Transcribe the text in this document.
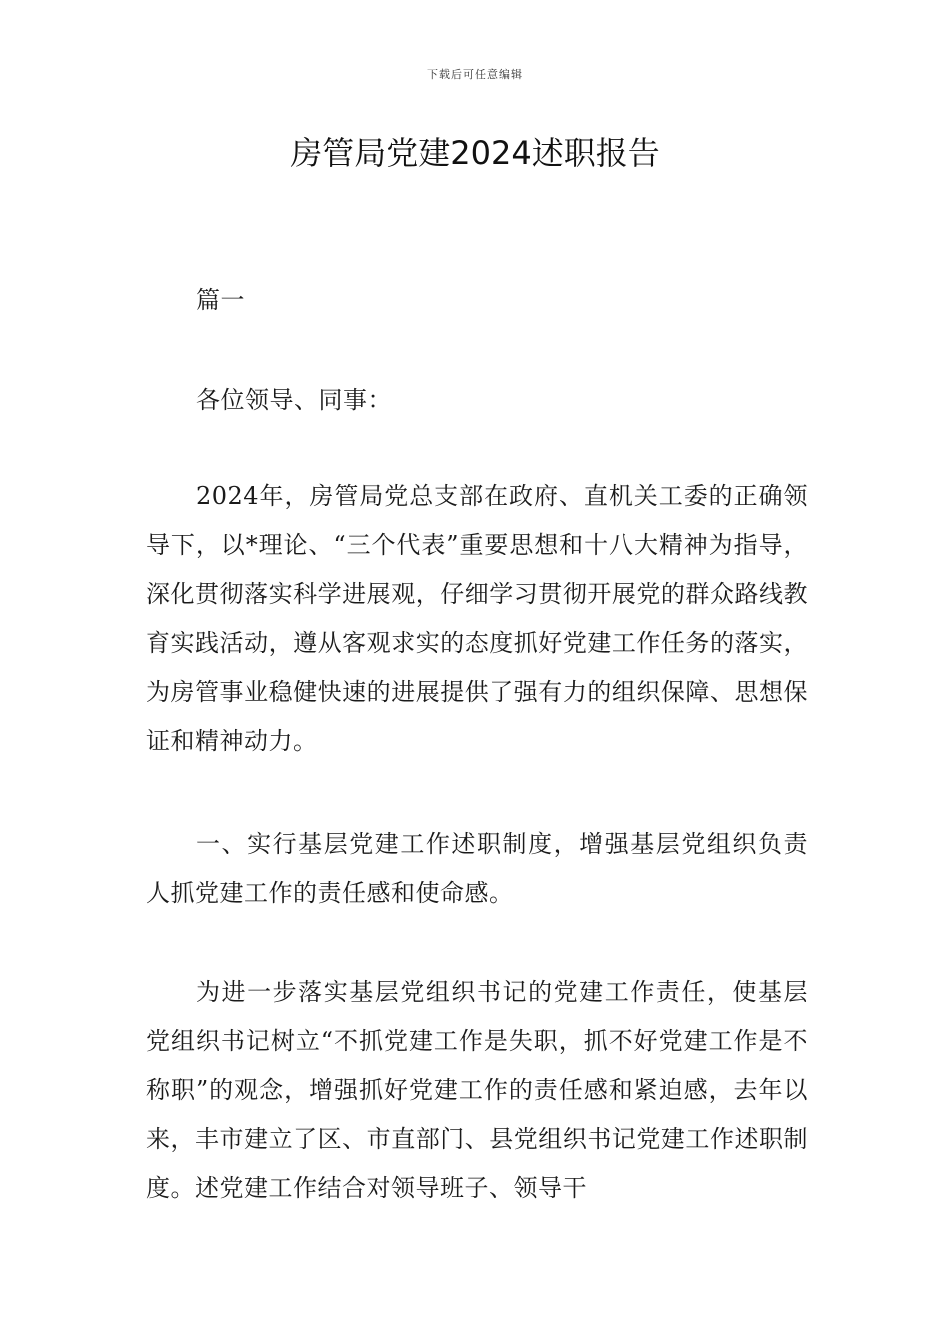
下载后可任意编辑
房管局党建2024述职报告

篇一

各位领导、同事：

2024年，房管局党总支部在政府、直机关工委的正确领导下，以*理论、“三个代表”重要思想和十八大精神为指导，深化贯彻落实科学进展观，仔细学习贯彻开展党的群众路线教育实践活动，遵从客观求实的态度抓好党建工作任务的落实，为房管事业稳健快速的进展提供了强有力的组织保障、思想保证和精神动力。

一、实行基层党建工作述职制度，增强基层党组织负责人抓党建工作的责任感和使命感。

为进一步落实基层党组织书记的党建工作责任，使基层党组织书记树立“不抓党建工作是失职，抓不好党建工作是不称职”的观念，增强抓好党建工作的责任感和紧迫感，去年以来，丰市建立了区、市直部门、县党组织书记党建工作述职制度。述党建工作结合对领导班子、领导干
